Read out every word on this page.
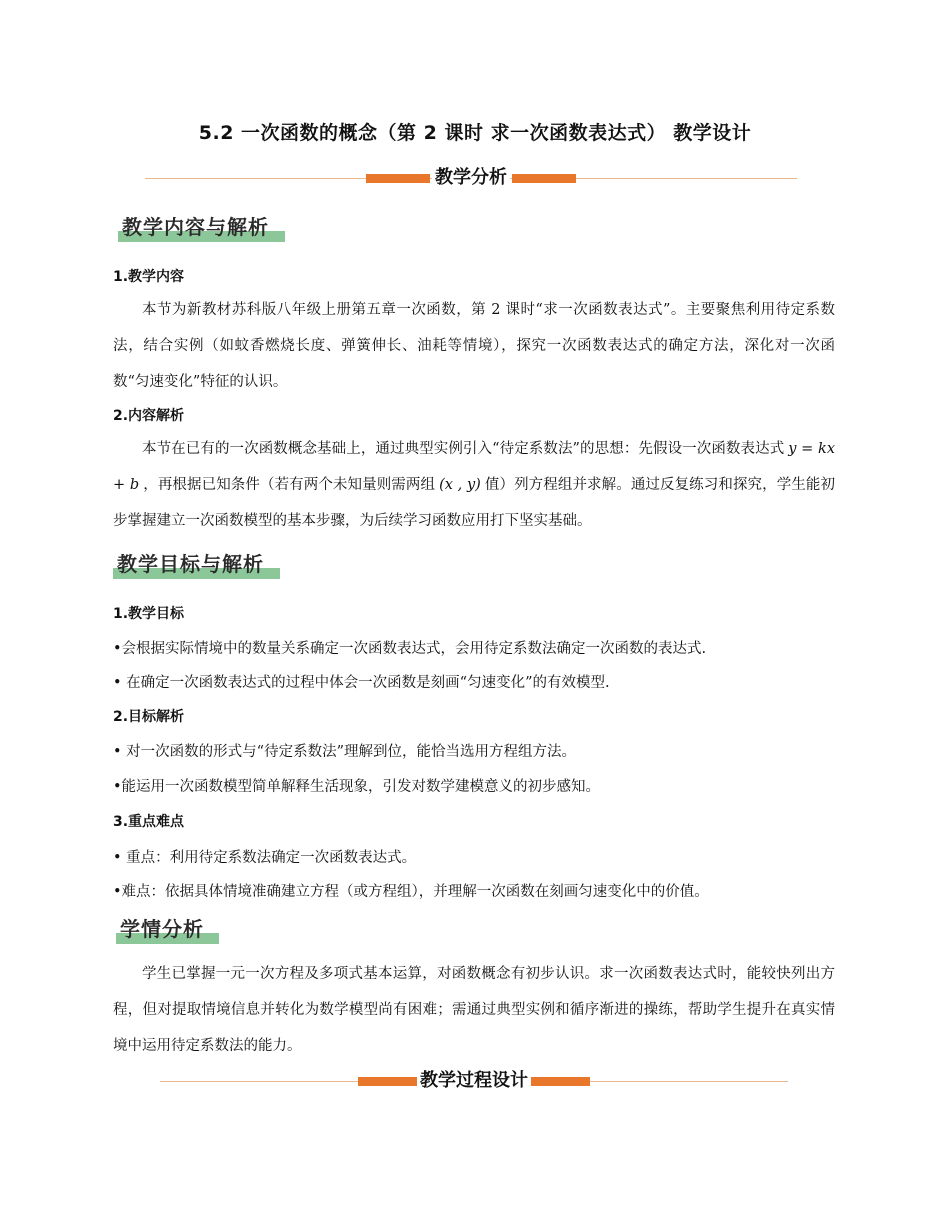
5.2 一次函数的概念（第 2 课时 求一次函数表达式） 教学设计
教学分析
教学内容与解析
1.教学内容
本节为新教材苏科版八年级上册第五章一次函数，第 2 课时“求一次函数表达式”。主要聚焦利用待定系数法，结合实例（如蚊香燃烧长度、弹簧伸长、油耗等情境），探究一次函数表达式的确定方法，深化对一次函数“匀速变化”特征的认识。
2.内容解析
本节在已有的一次函数概念基础上，通过典型实例引入“待定系数法”的思想：先假设一次函数表达式 y = kx + b ，再根据已知条件（若有两个未知量则需两组 (x , y) 值）列方程组并求解。通过反复练习和探究，学生能初步掌握建立一次函数模型的基本步骤，为后续学习函数应用打下坚实基础。
教学目标与解析
1.教学目标
•会根据实际情境中的数量关系确定一次函数表达式，会用待定系数法确定一次函数的表达式.
• 在确定一次函数表达式的过程中体会一次函数是刻画“匀速变化”的有效模型.
2.目标解析
• 对一次函数的形式与“待定系数法”理解到位，能恰当选用方程组方法。
•能运用一次函数模型简单解释生活现象，引发对数学建模意义的初步感知。
3.重点难点
• 重点：利用待定系数法确定一次函数表达式。
•难点：依据具体情境准确建立方程（或方程组），并理解一次函数在刻画匀速变化中的价值。
学情分析
学生已掌握一元一次方程及多项式基本运算，对函数概念有初步认识。求一次函数表达式时，能较快列出方程，但对提取情境信息并转化为数学模型尚有困难；需通过典型实例和循序渐进的操练，帮助学生提升在真实情境中运用待定系数法的能力。
教学过程设计
